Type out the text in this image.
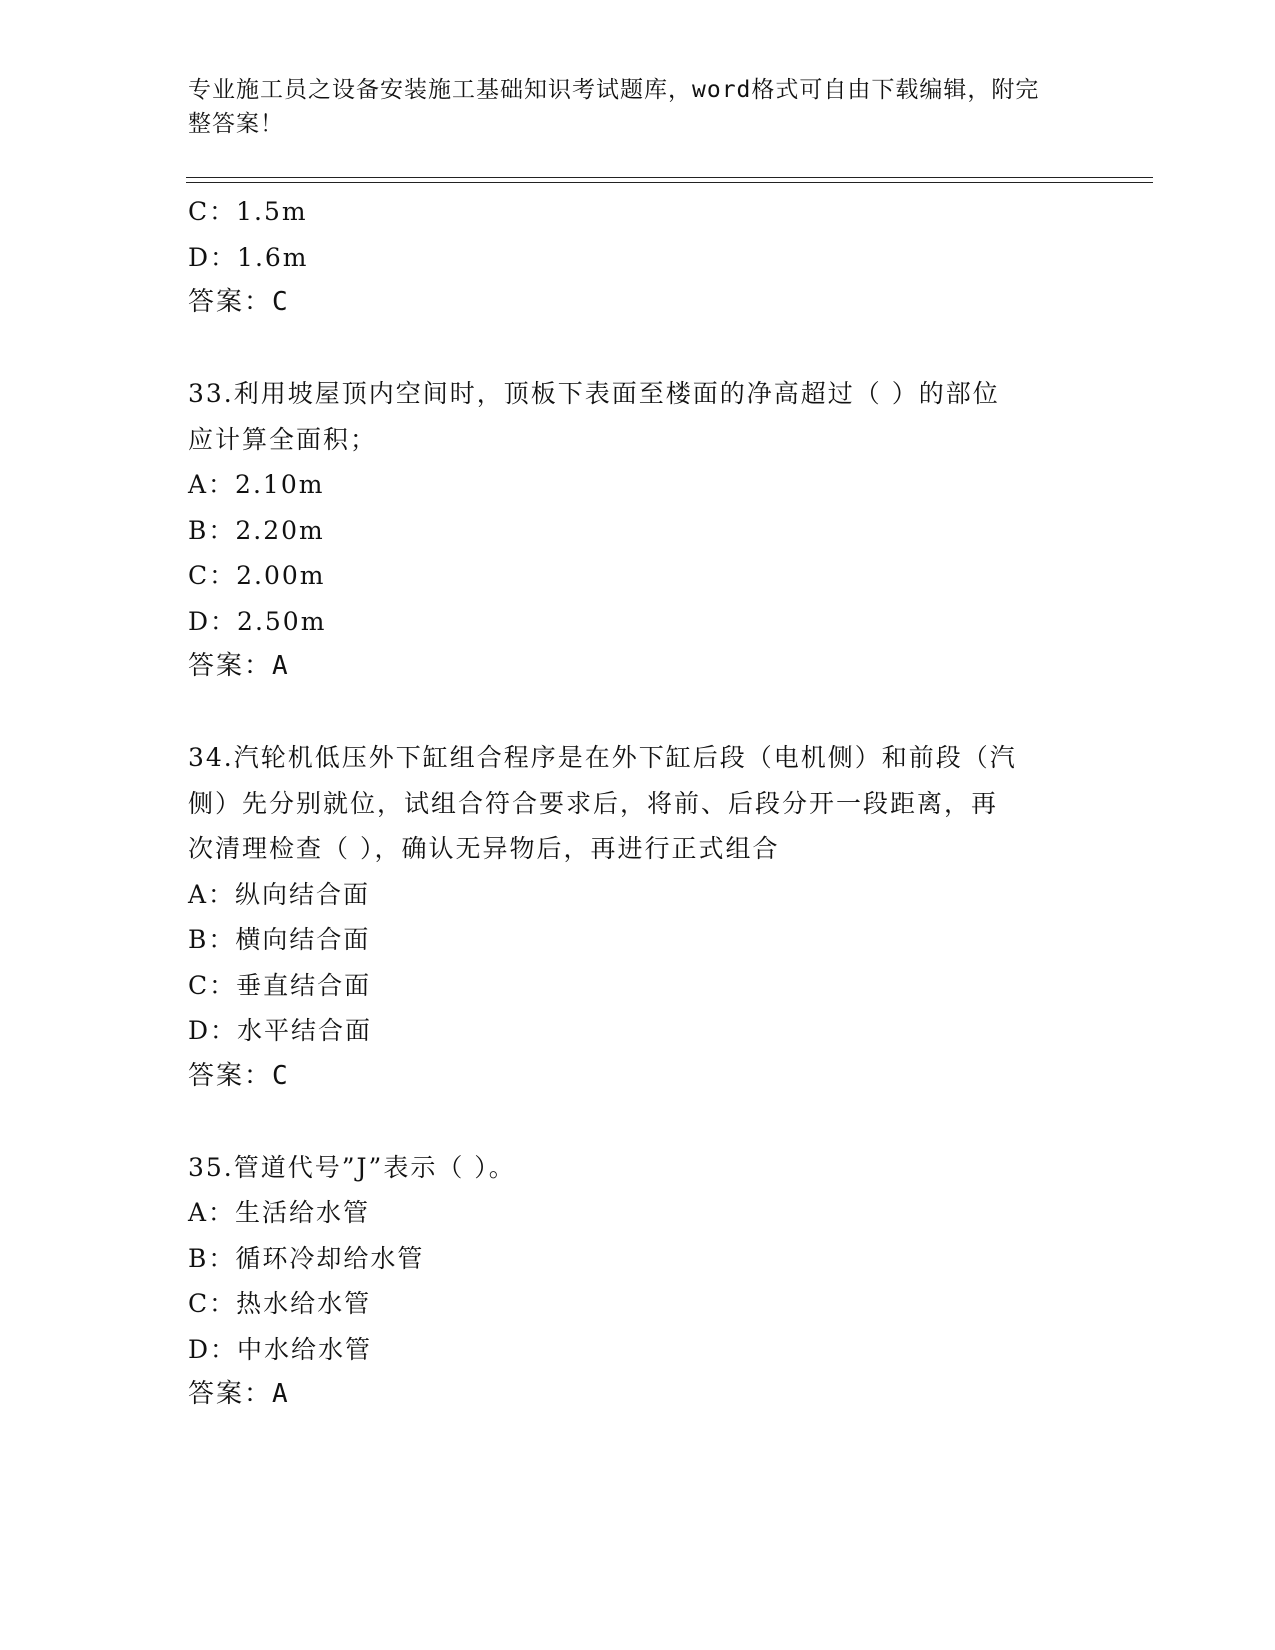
专业施工员之设备安装施工基础知识考试题库，word格式可自由下载编辑，附完
整答案！
C：1.5m
D：1.6m
答案：C
33.利用坡屋顶内空间时，顶板下表面至楼面的净高超过（ ）的部位
应计算全面积；
A：2.10m
B：2.20m
C：2.00m
D：2.50m
答案：A
34.汽轮机低压外下缸组合程序是在外下缸后段（电机侧）和前段（汽
侧）先分别就位，试组合符合要求后，将前、后段分开一段距离，再
次清理检查（ ），确认无异物后，再进行正式组合
A：纵向结合面
B：横向结合面
C：垂直结合面
D：水平结合面
答案：C
35.管道代号”J”表示（ ）。
A：生活给水管
B：循环冷却给水管
C：热水给水管
D：中水给水管
答案：A
